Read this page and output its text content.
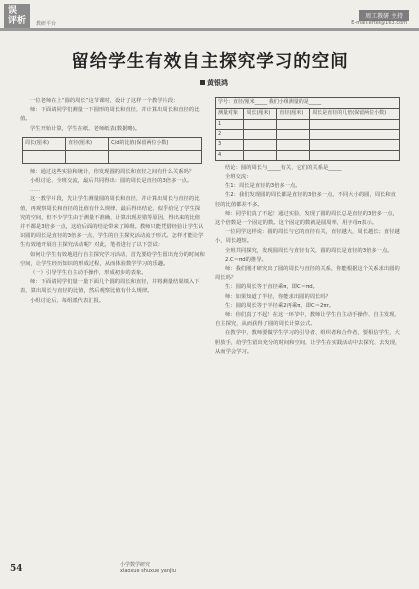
误
评析 教研平台
周工教研 主持
E-mail:ertel@163.com
留给学生有效自主探究学习的空间
黄银鸿

一位老师在上“圆的周长”这节课时，设计了这样一个教学片段：

师：下面请同学们测量一下圆形的周长和直径，并计算出周长和直径的比值。

学生开始计算，学生在纸、老师纸表(数据略)。

周长(厘米)	直径(厘米)	C/d的比值(保留两位小数)

师：通过这些实验和统计，你发现圆的周长和直径之间有什么关系吗？

小组讨论、全班交流，最后共同得出：圆的周长是直径的3倍多一点。

……

这一教学片段，先让学生测量圆的周长和直径，并计算出周长与直径的比值，再观察周长和直径的比值有什么规律，最后得出结论，似乎给足了学生探究的空间，但不少学生由于测量不准确、计算出现差错等原因，得出来的比值并不都是3倍多一点，这给后面的结论带来了障碍。教师只能凭借经验让学生认识圆的周长是直径的3倍多一点，学生的自主探究活动流于形式。怎样才能让学生有效地开展自主探究活动呢？对此，笔者进行了以下尝试：

如何让学生有效地进行自主探究学习活动，首先要给学生留出充分的时间和空间，让学生经历知识的形成过程，从而体验数学学习的乐趣。

（一）引导学生自主动手操作，形成初步的表象。

师：下面请同学们量一量下面几个圆的周长和直径，并将测量结果填入下表，算出周长与直径的比值，然后观察比值有什么规律。

小组讨论后，每组派代表汇报。

学号：直径/厘米_____ 我们小组测量的是_____			
测量对象	周长(厘米)	直径(厘米)	周长是直径的几倍(保留两位小数)
1			
2			
3			
4			

结论：圆的周长与_____有关，它们的关系是_____

全班交流：

生1：周长是直径的3倍多一点。

生2：我们发现圆的周长都是直径的3倍多一点，不同大小的圆，周长和直径的比值都差不多。

师：同学们真了不起！通过实验，发现了圆的周长总是直径的3倍多一点，这个倍数是一个固定的数。这个固定的数就是圆周率，用字母π表示。

一位同学这样说：圆的周长与它的直径有关，直径越大，周长越长；直径越小，周长越短。

全班共同探究，发现圆周长与直径有关，圆的周长是直径的3倍多一点。

2.C＝πd的推导。

师：我们刚才研究出了圆的周长与直径的关系，你能根据这个关系求出圆的周长吗？

生：圆的周长等于直径乘π，即C＝πd。

师：如果知道了半径，你能求出圆的周长吗？

生：圆的周长等于半径乘2再乘π，即C＝2πr。

师：你们真了不起！在这一环节中，教师让学生自主动手操作、自主发现、自主探究，从而获得了圆的周长计算公式。

在教学中，教师要做学生学习的引导者、组织者和合作者，要相信学生，大胆放手，给学生留出充分的时间和空间，让学生在实践活动中去探究、去发现，从而学会学习。

54	小学数学研究
xiaoxue shuxue yanjiu
